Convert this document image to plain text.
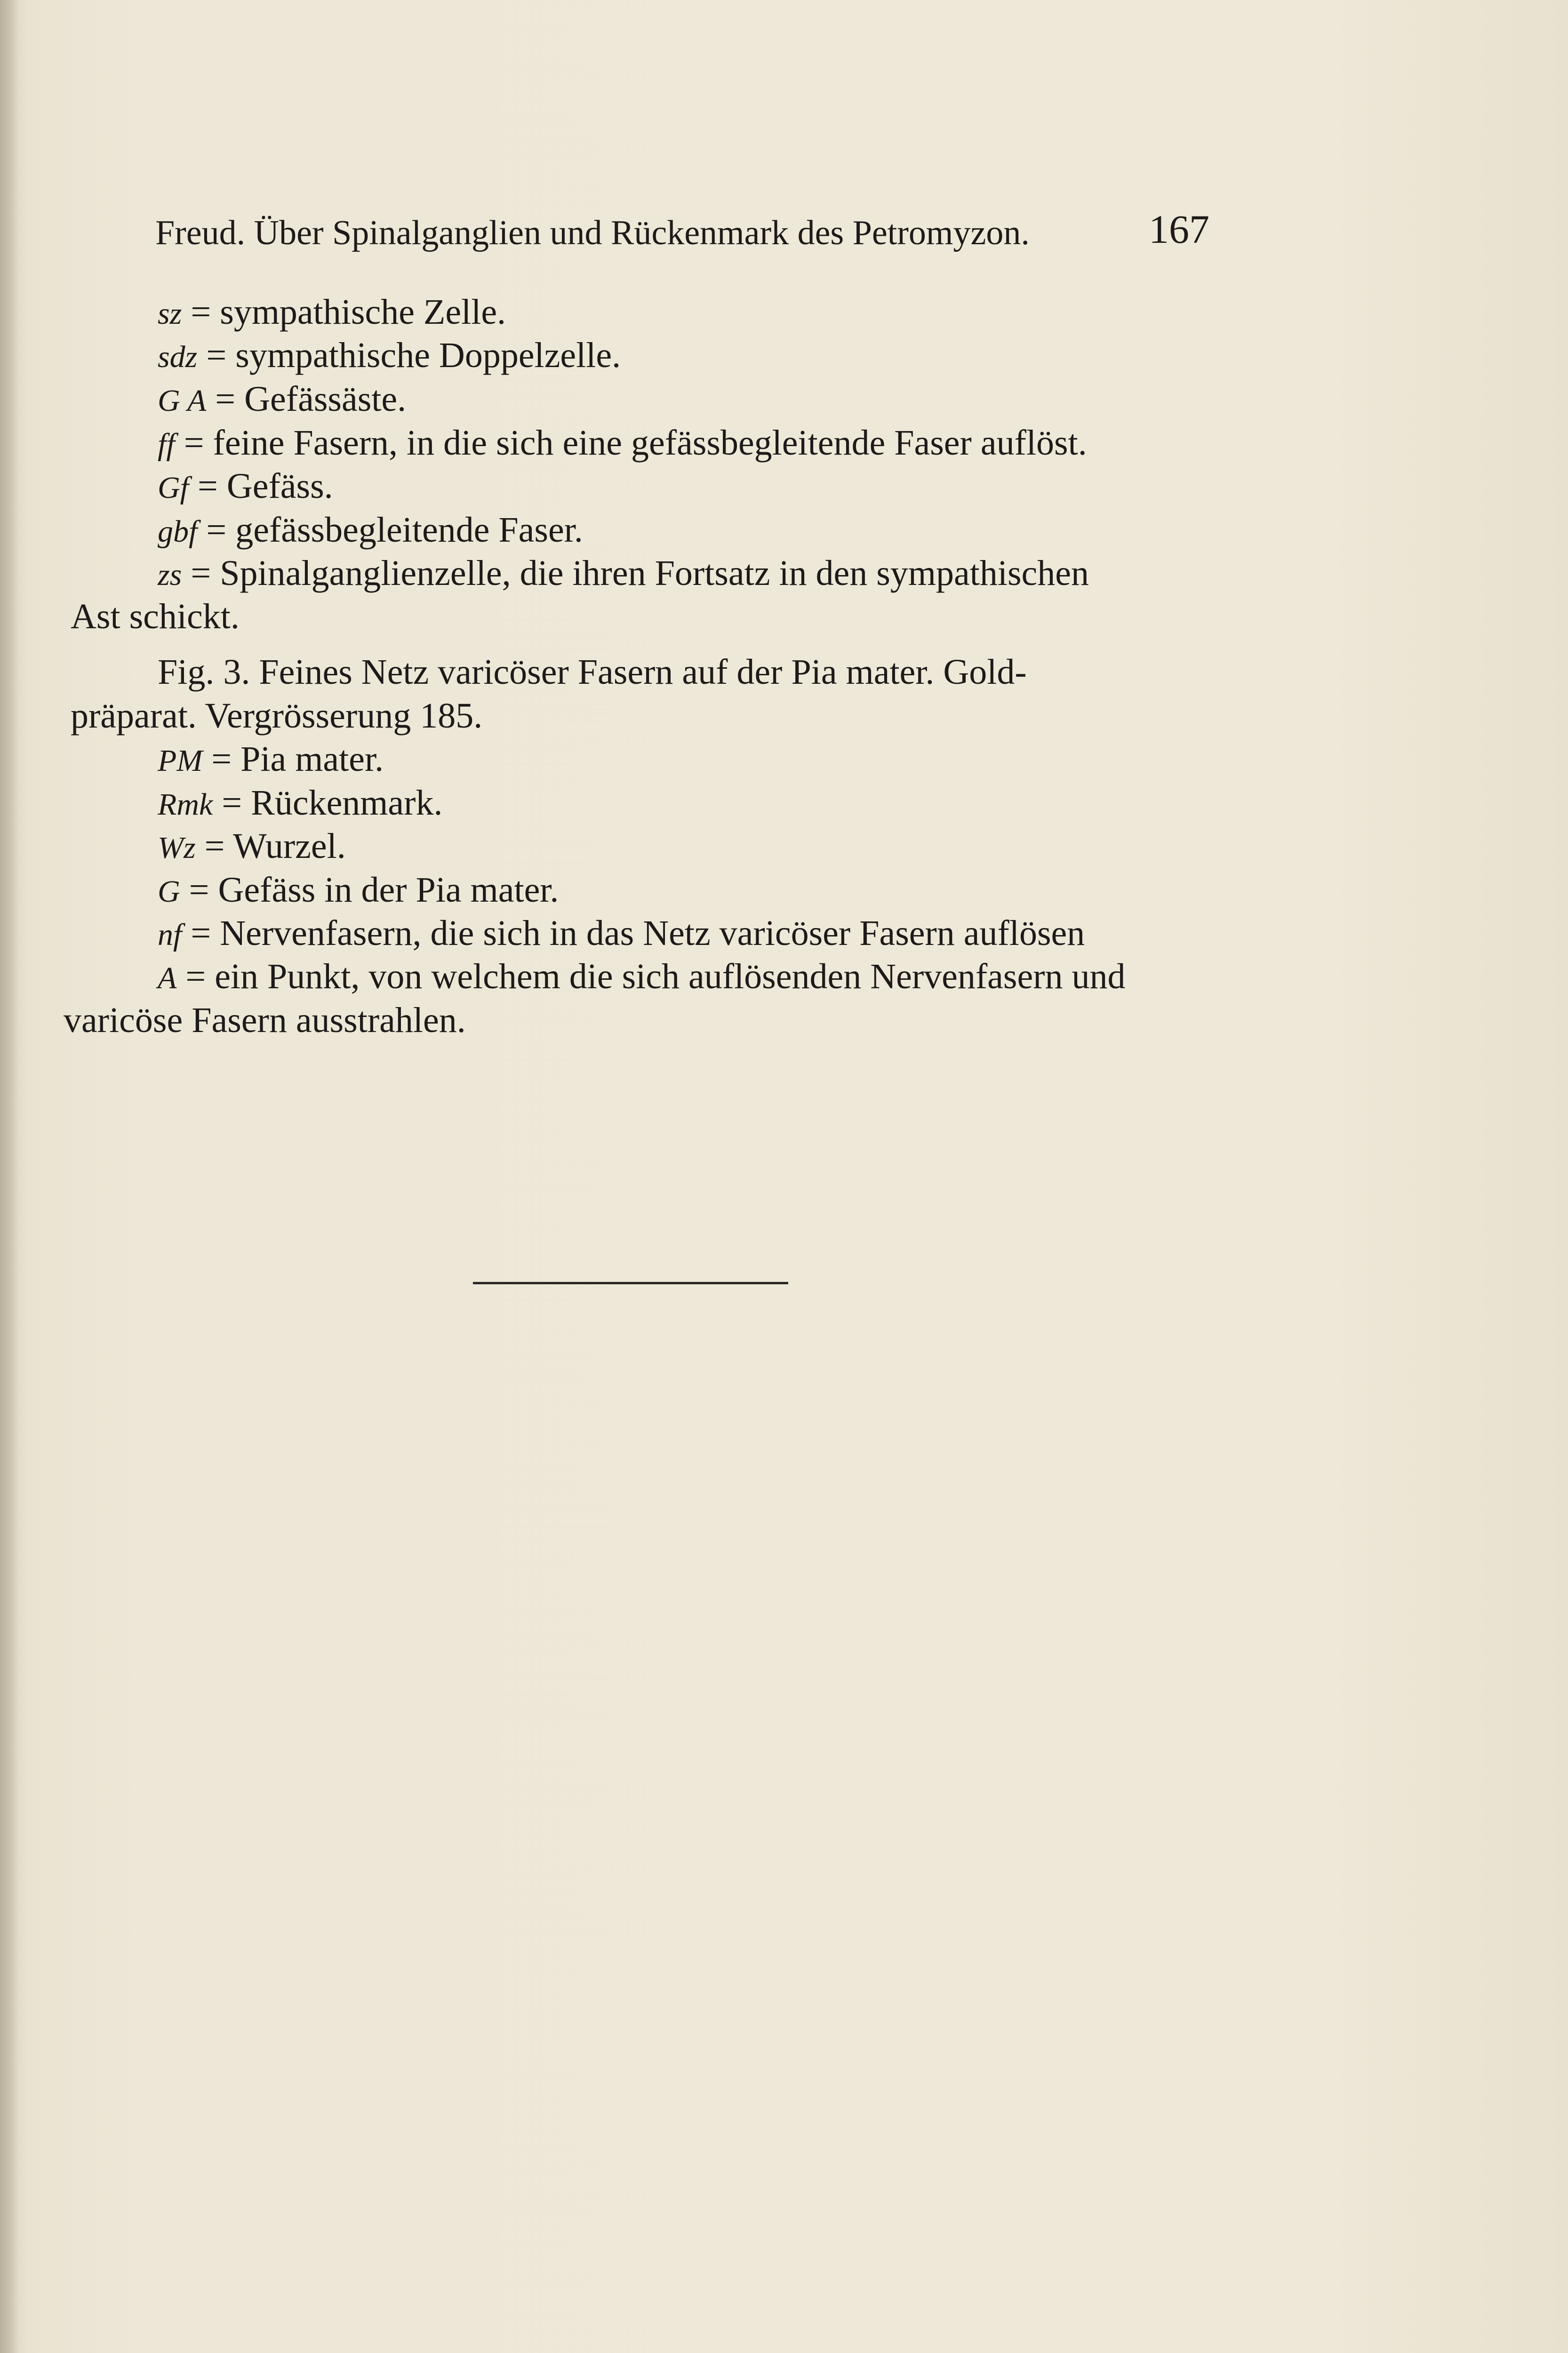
Freud. Über Spinalganglien und Rückenmark des Petromyzon.	167
sz = sympathische Zelle.
sdz = sympathische Doppelzelle.
G A = Gefässäste.
ff = feine Fasern, in die sich eine gefässbegleitende Faser auflöst.
Gf = Gefäss.
gbf = gefässbegleitende Faser.
zs = Spinalganglienzelle, die ihren Fortsatz in den sympathischen
Ast schickt.
Fig. 3. Feines Netz varicöser Fasern auf der Pia mater. Gold-
präparat. Vergrösserung 185.
PM = Pia mater.
Rmk = Rückenmark.
Wz = Wurzel.
G = Gefäss in der Pia mater.
nf = Nervenfasern, die sich in das Netz varicöser Fasern auflösen
A = ein Punkt, von welchem die sich auflösenden Nervenfasern und
varicöse Fasern ausstrahlen.
